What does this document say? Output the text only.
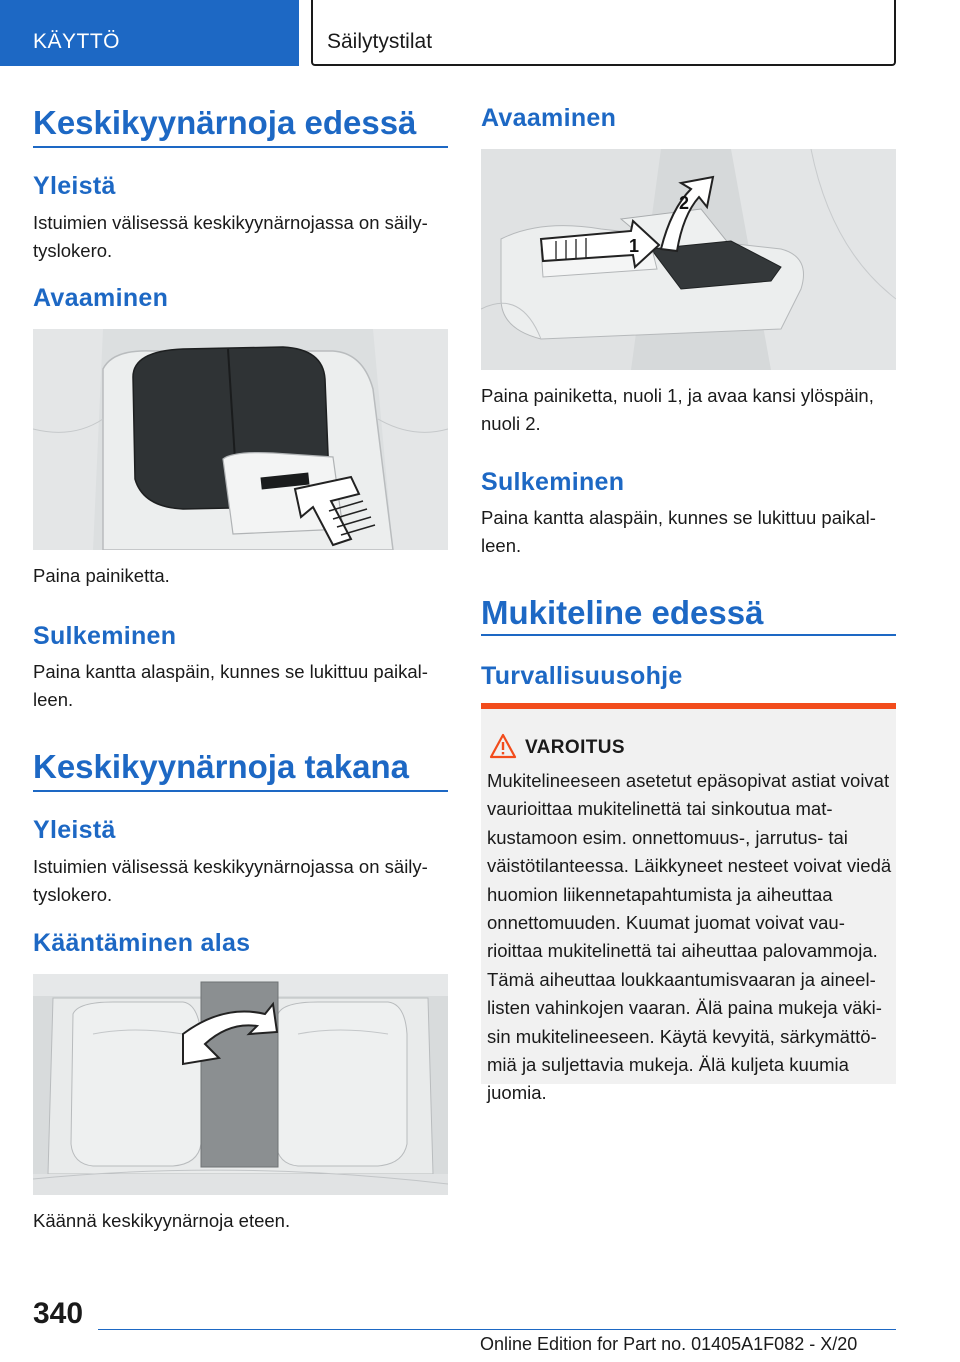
KÄYTTÖ	Säilytystilat
Keskikyynärnoja edessä
Yleistä
Istuimien välisessä keskikyynärnojassa on säilytyslokero.
Avaaminen
Paina painiketta.
Sulkeminen
Paina kantta alaspäin, kunnes se lukittuu paikalleen.
Keskikyynärnoja takana
Yleistä
Istuimien välisessä keskikyynärnojassa on säilytyslokero.
Kääntäminen alas
Käännä keskikyynärnoja eteen.
Avaaminen
1
2
Paina painiketta, nuoli 1, ja avaa kansi ylöspäin, nuoli 2.
Sulkeminen
Paina kantta alaspäin, kunnes se lukittuu paikalleen.
Mukiteline edessä
Turvallisuusohje
VAROITUS
Mukitelineeseen asetetut epäsopivat astiat voivat vaurioittaa mukitelinettä tai sinkoutua matkustamoon esim. onnettomuus-, jarrutus- tai väistötilanteessa. Läikkyneet nesteet voivat viedä huomion liikennetapahtumista ja aiheuttaa onnettomuuden. Kuumat juomat voivat vaurioittaa mukitelinettä tai aiheuttaa palovammoja. Tämä aiheuttaa loukkaantumisvaaran ja aineellisten vahinkojen vaaran. Älä paina mukeja väkisin mukitelineeseen. Käytä kevyitä, särkymättömiä ja suljettavia mukeja. Älä kuljeta kuumia juomia.
340
Online Edition for Part no. 01405A1F082 - X/20
